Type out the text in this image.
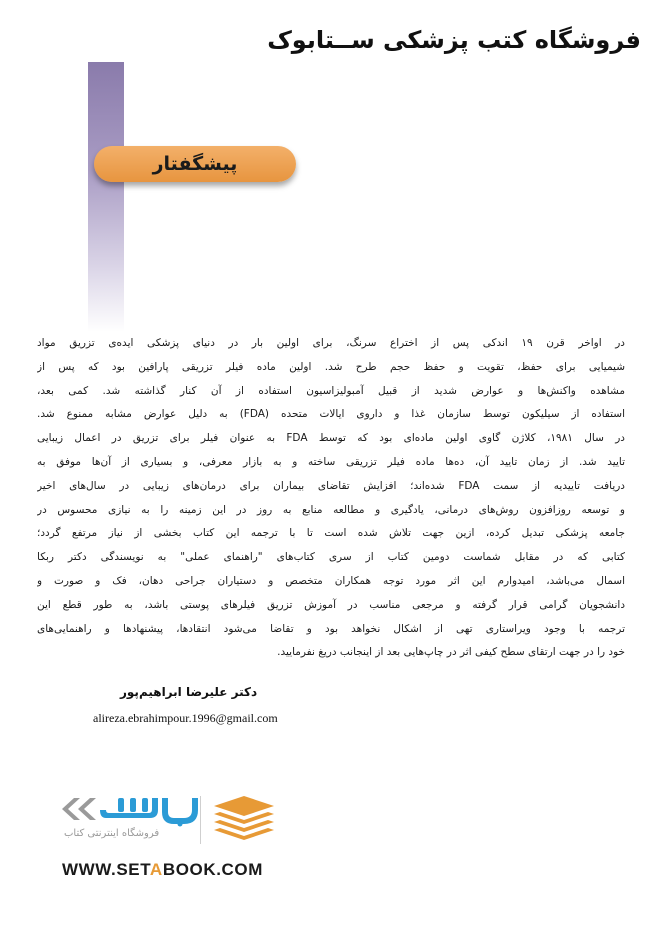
فروشگاه کتب پزشکی ســتابوک
پیشگفتار
در اواخر قرن ۱۹ اندکی پس از اختراع سرنگ، برای اولین بار در دنیای پزشکی ایده‌ی تزریق مواد
شیمیایی برای حفظ، تقویت و حفظ حجم طرح شد. اولین ماده فیلر تزریقی پارافین بود که پس از
مشاهده واکنش‌ها و عوارض شدید از قبیل آمبولیزاسیون استفاده از آن کنار گذاشته شد. کمی بعد،
استفاده از سیلیکون توسط سازمان غذا و داروی ایالات متحده (FDA) به دلیل عوارض مشابه ممنوع شد.
در سال ۱۹۸۱، کلاژن گاوی اولین ماده‌ای بود که توسط FDA به عنوان فیلر برای تزریق در اعمال زیبایی
تایید شد. از زمان تایید آن، ده‌ها ماده فیلر تزریقی ساخته و به بازار معرفی، و بسیاری از آن‌ها موفق به
دریافت تاییدیه از سمت FDA شده‌اند؛ افزایش تقاضای بیماران برای درمان‌های زیبایی در سال‌های اخیر
و توسعه روزافزون روش‌های درمانی، یادگیری و مطالعه منابع به روز در این زمینه را به نیازی محسوس در
جامعه پزشکی تبدیل کرده، ازین جهت تلاش شده است تا با ترجمه این کتاب بخشی از نیاز مرتفع گردد؛
کتابی که در مقابل شماست دومین کتاب از سری کتاب‌های "راهنمای عملی" به نویسندگی دکتر ربکا
اسمال می‌باشد، امیدوارم این اثر مورد توجه همکاران متخصص و دستیاران جراحی دهان، فک و صورت و
دانشجویان گرامی قرار گرفته و مرجعی مناسب در آموزش تزریق فیلرهای پوستی باشد، به طور قطع این
ترجمه با وجود ویراستاری تهی از اشکال نخواهد بود و تقاضا می‌شود انتقادها، پیشنهادها و راهنمایی‌های
خود را در جهت ارتقای سطح کیفی اثر در چاپ‌هایی بعد از اینجانب دریغ نفرمایید.
دکتر علیرضا ابراهیم‌پور
alireza.ebrahimpour.1996@gmail.com
فروشگاه اینترنتی کتاب
WWW.SETABOOK.COM
